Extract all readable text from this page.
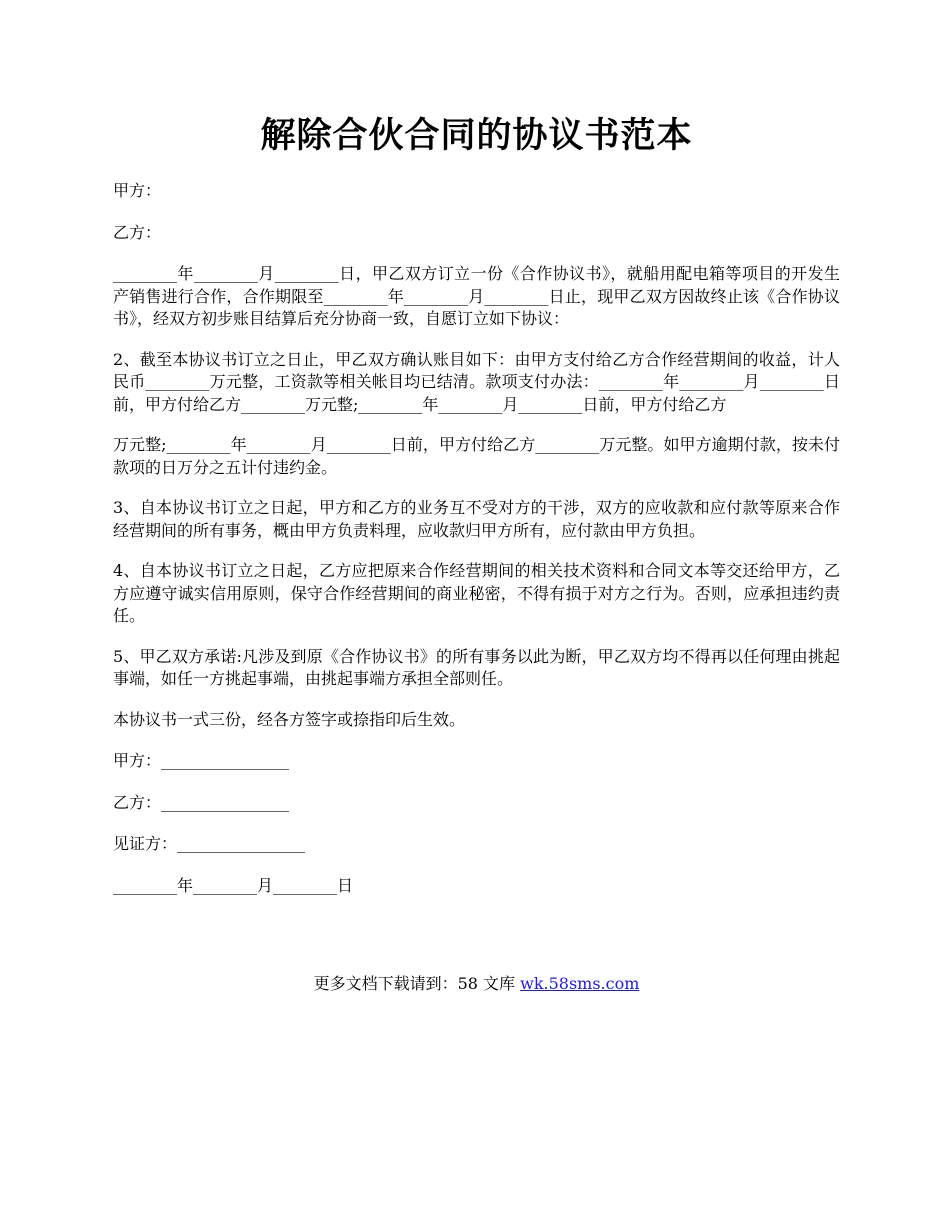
解除合伙合同的协议书范本

甲方：

乙方：

________年________月________日，甲乙双方订立一份《合作协议书》，就船用配电箱等项目的开发生产销售进行合作，合作期限至________年________月________日止，现甲乙双方因故终止该《合作协议书》，经双方初步账目结算后充分协商一致，自愿订立如下协议：

2、截至本协议书订立之日止，甲乙双方确认账目如下：由甲方支付给乙方合作经营期间的收益，计人民币________万元整，工资款等相关帐目均已结清。款项支付办法：________年________月________日前，甲方付给乙方________万元整;________年________月________日前，甲方付给乙方

万元整;________年________月________日前，甲方付给乙方________万元整。如甲方逾期付款，按未付款项的日万分之五计付违约金。

3、自本协议书订立之日起，甲方和乙方的业务互不受对方的干涉，双方的应收款和应付款等原来合作经营期间的所有事务，概由甲方负责料理，应收款归甲方所有，应付款由甲方负担。

4、自本协议书订立之日起，乙方应把原来合作经营期间的相关技术资料和合同文本等交还给甲方，乙方应遵守诚实信用原则，保守合作经营期间的商业秘密，不得有损于对方之行为。否则，应承担违约责任。

5、甲乙双方承诺:凡涉及到原《合作协议书》的所有事务以此为断，甲乙双方均不得再以任何理由挑起事端，如任一方挑起事端，由挑起事端方承担全部则任。

本协议书一式三份，经各方签字或捺指印后生效。

甲方：________________

乙方：________________

见证方：________________

________年________月________日

更多文档下载请到：58 文库 wk.58sms.com
